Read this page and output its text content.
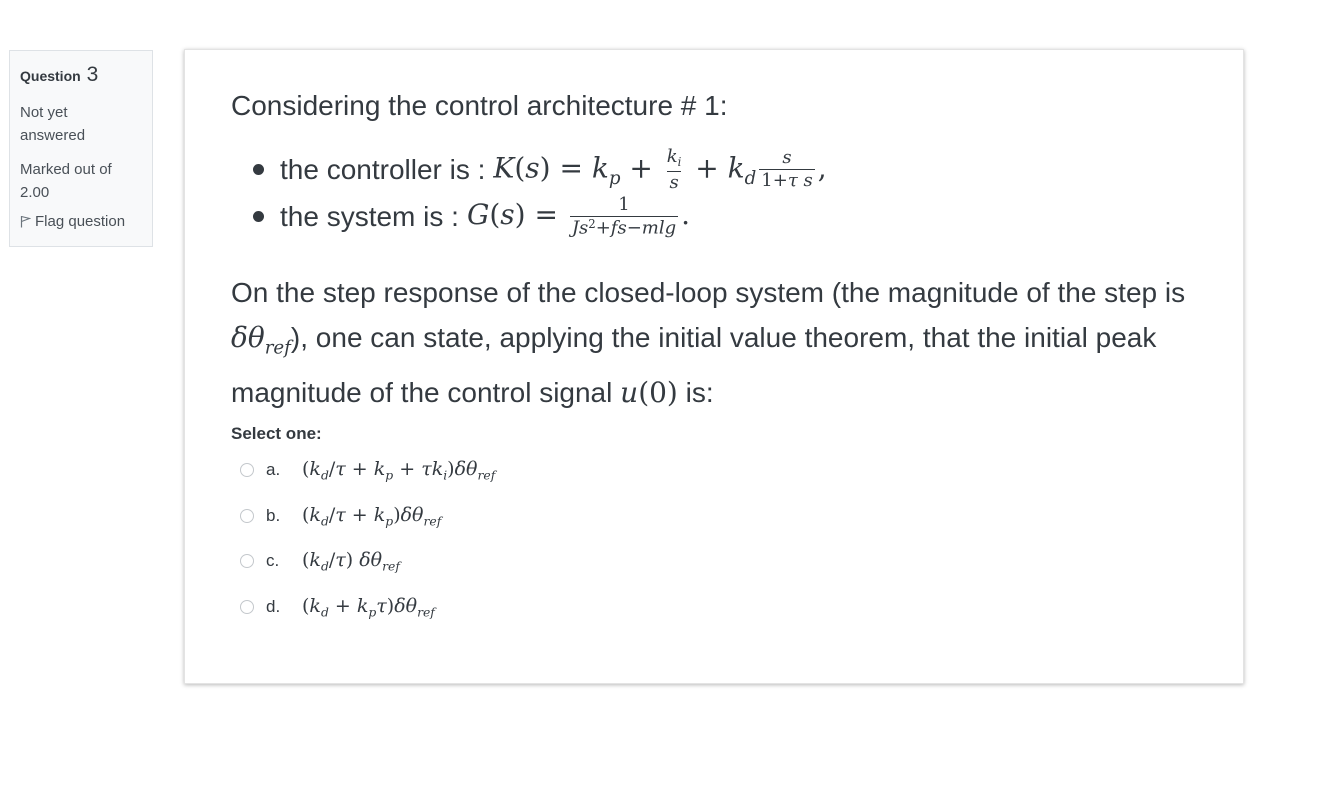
Question 3
Not yet
answered
Marked out of
2.00
Flag question

Considering the control architecture # 1:

the controller is : $K(s) = k_p + \frac{k_i}{s} + k_d \frac{s}{\text{1+τ s}}$ ,
the system is : $G(s) = \frac{1}{Js^2+fs-mlg}$ .

On the step response of the closed-loop system (the magnitude of the step is $\delta\theta_{ref}$), one can state, applying the initial value theorem, that the initial peak magnitude of the control signal u(0) is:

Select one:
a.	$(k_d/\tau + k_p + \tau k_i)\delta\theta_{ref}$
b.	$(k_d/\tau + k_p)\delta\theta_{ref}$
c.	$(k_d/\tau)$ $\delta\theta_{ref}$
d.	$(k_d + k_p\tau)\delta\theta_{ref}$
